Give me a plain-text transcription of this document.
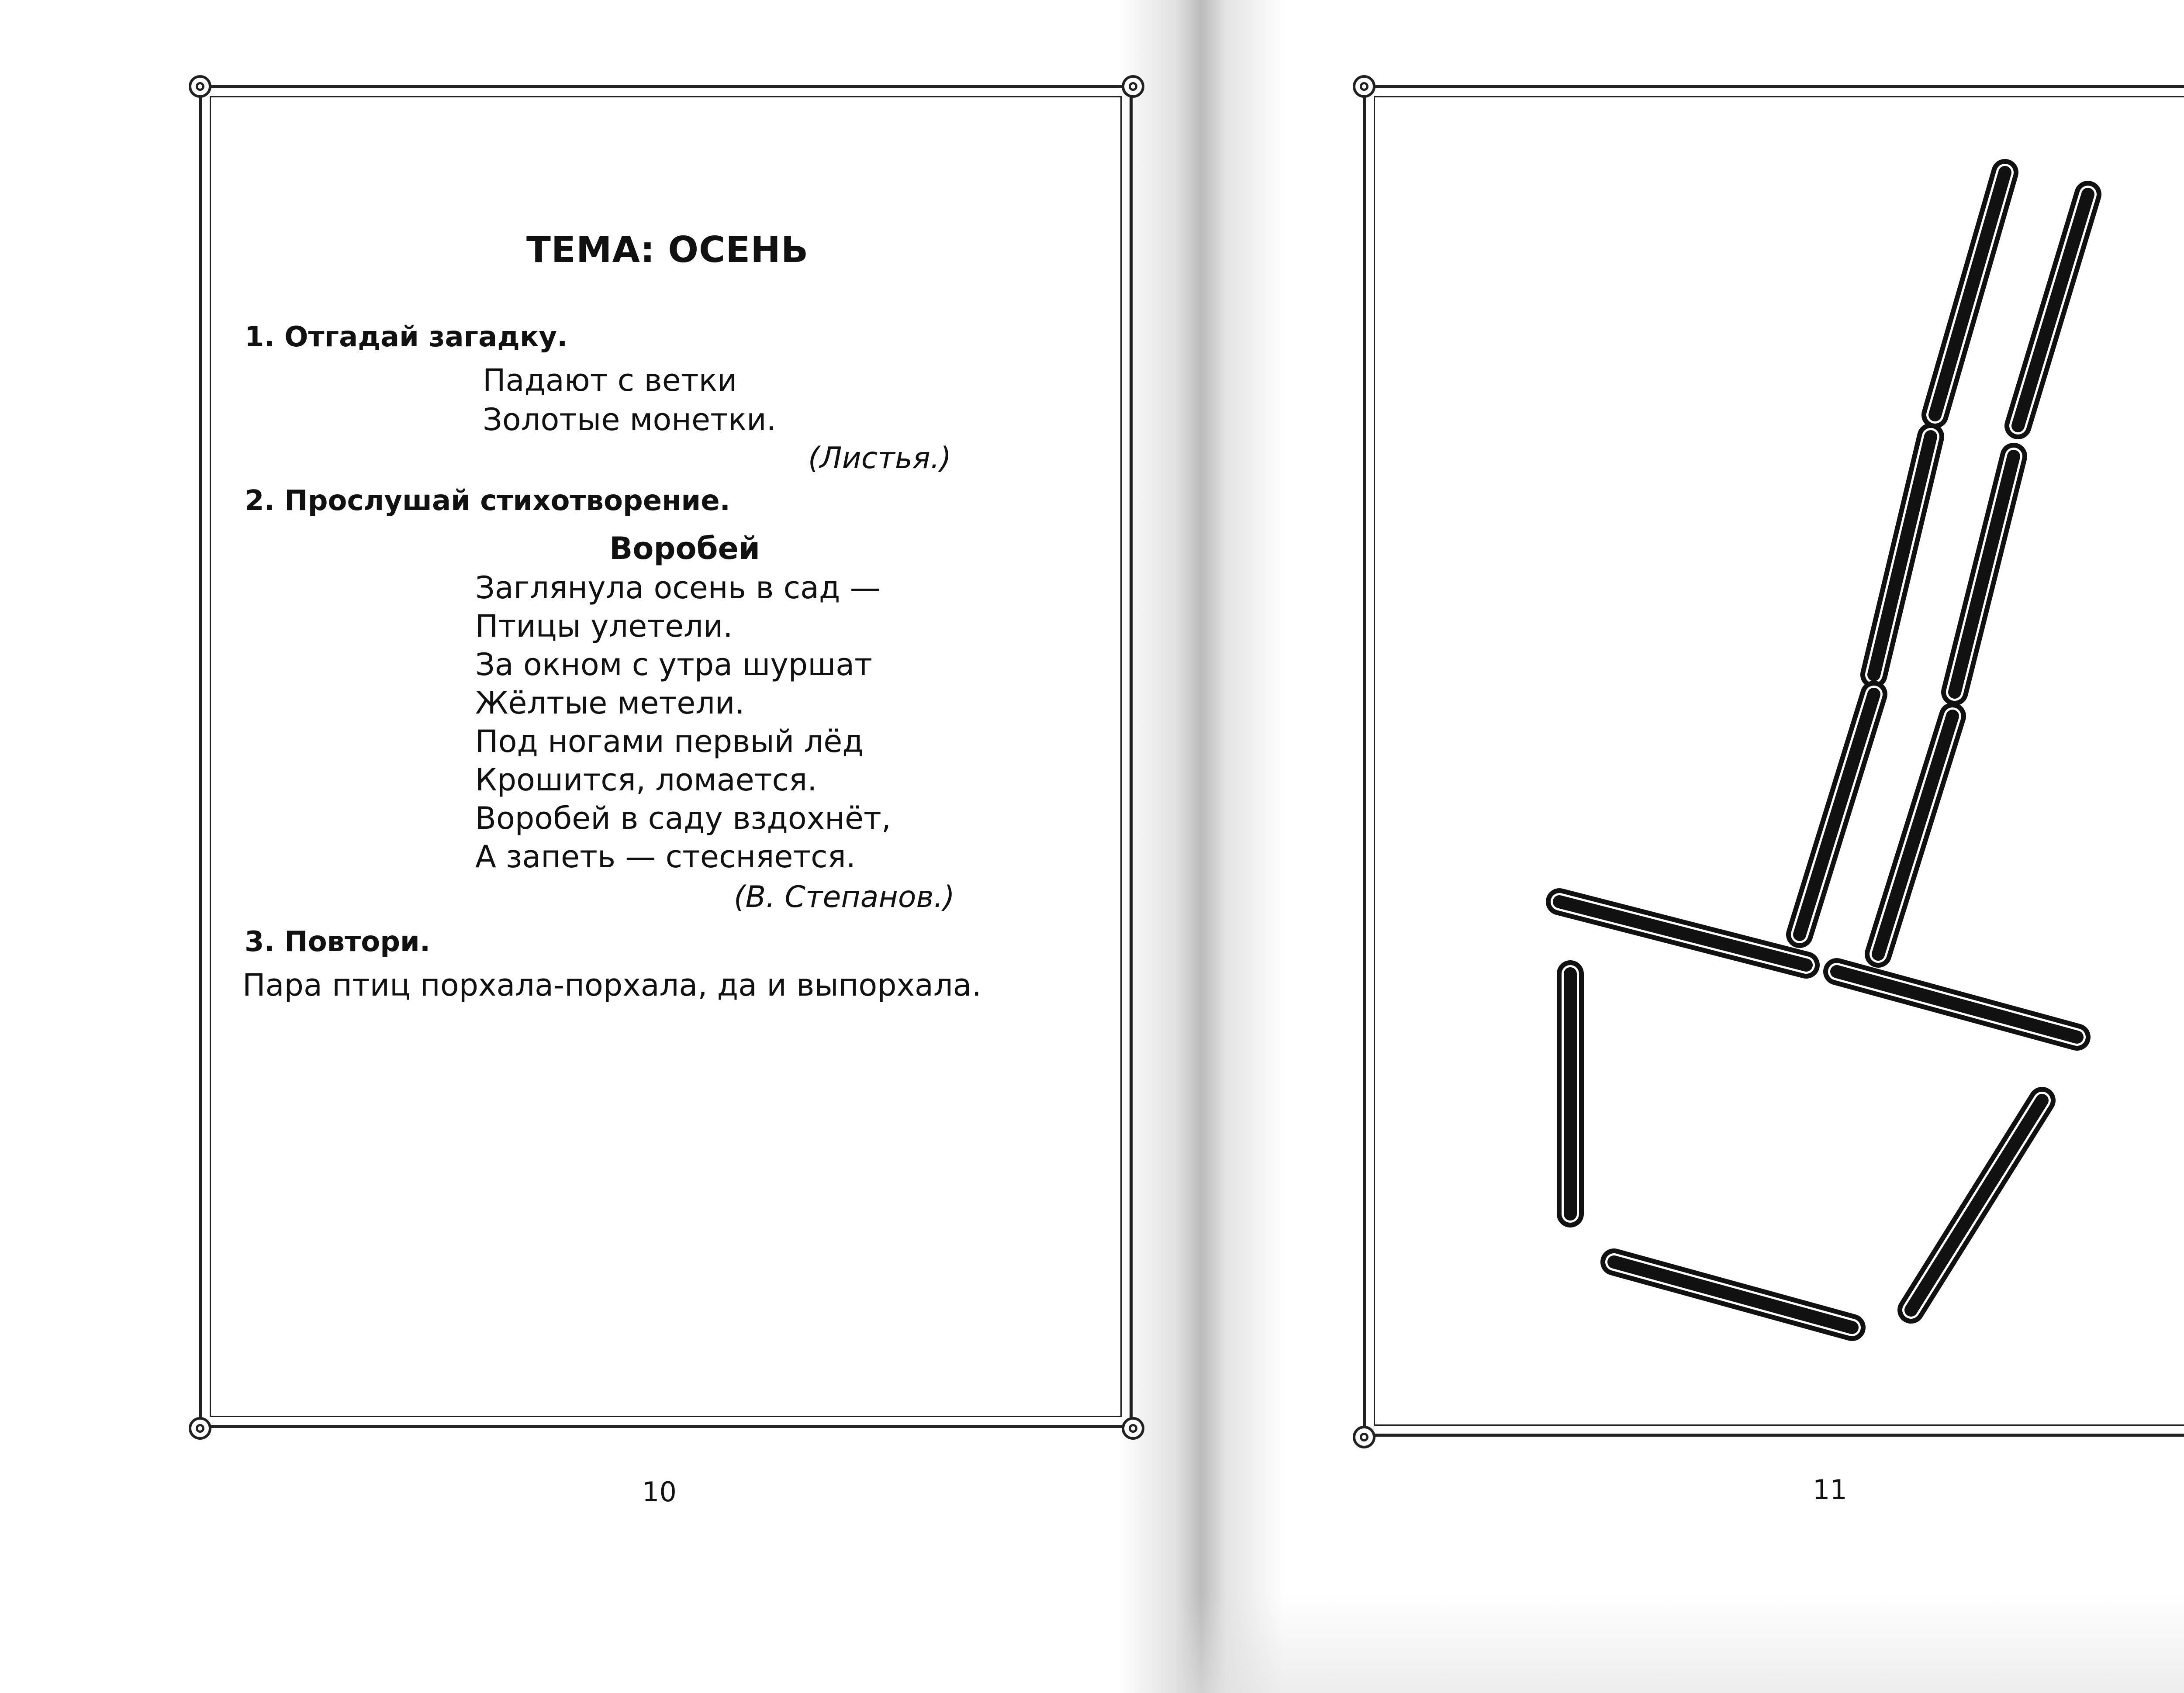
ТЕМА: ОСЕНЬ
1. Отгадай загадку.
Падают с ветки
Золотые монетки.
(Листья.)
2. Прослушай стихотворение.
Воробей
Заглянула осень в сад —
Птицы улетели.
За окном с утра шуршат
Жёлтые метели.
Под ногами первый лёд
Крошится, ломается.
Воробей в саду вздохнёт,
А запеть — стесняется.
(В. Степанов.)
3. Повтори.
Пара птиц порхала-порхала, да и выпорхала.
10	11
